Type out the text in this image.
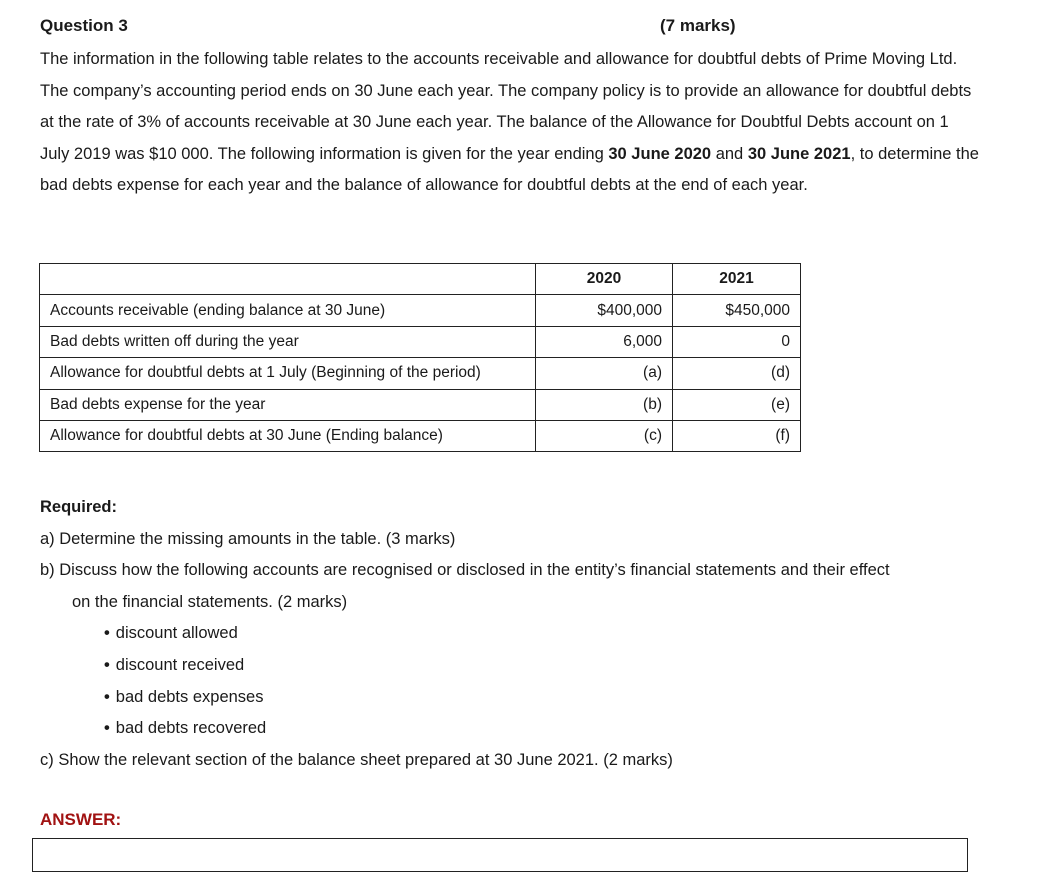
Question 3	(7 marks)
The information in the following table relates to the accounts receivable and allowance for doubtful debts of Prime Moving Ltd. The company’s accounting period ends on 30 June each year. The company policy is to provide an allowance for doubtful debts at the rate of 3% of accounts receivable at 30 June each year. The balance of the Allowance for Doubtful Debts account on 1 July 2019 was $10 000. The following information is given for the year ending 30 June 2020 and 30 June 2021, to determine the bad debts expense for each year and the balance of allowance for doubtful debts at the end of each year.
	2020	2021
Accounts receivable (ending balance at 30 June)	$400,000	$450,000
Bad debts written off during the year	6,000	0
Allowance for doubtful debts at 1 July (Beginning of the period)	(a)	(d)
Bad debts expense for the year	(b)	(e)
Allowance for doubtful debts at 30 June (Ending balance)	(c)	(f)
Required:
a) Determine the missing amounts in the table. (3 marks)
b) Discuss how the following accounts are recognised or disclosed in the entity’s financial statements and their effect
on the financial statements. (2 marks)
• discount allowed
• discount received
• bad debts expenses
• bad debts recovered
c) Show the relevant section of the balance sheet prepared at 30 June 2021. (2 marks)
ANSWER:
